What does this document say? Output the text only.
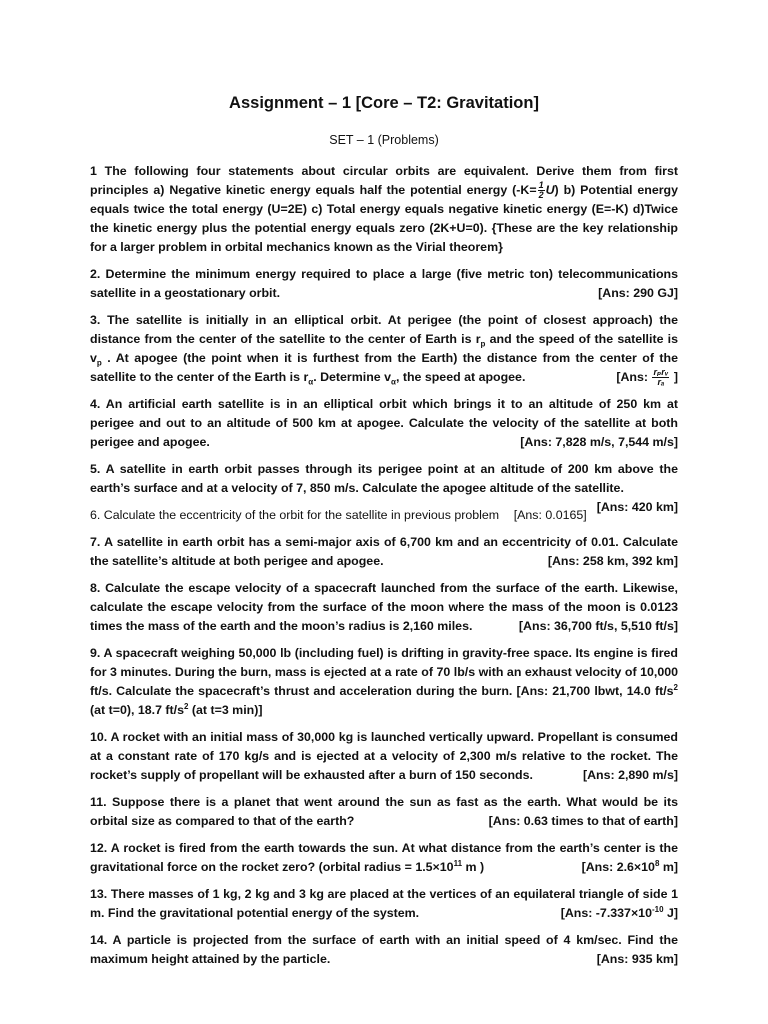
Assignment – 1 [Core – T2: Gravitation]
SET – 1 (Problems)

1 The following four statements about circular orbits are equivalent. Derive them from first principles a) Negative kinetic energy equals half the potential energy $(-K= \frac{1}{2} U)$ b) Potential energy equals twice the total energy (U=2E) c) Total energy equals negative kinetic energy (E=-K) d)Twice the kinetic energy plus the potential energy equals zero (2K+U=0). {These are the key relationship for a larger problem in orbital mechanics known as the Virial theorem}

2. Determine the minimum energy required to place a large (five metric ton) telecommunications satellite in a geostationary orbit.	[Ans: 290 GJ]

3. The satellite is initially in an elliptical orbit. At perigee (the point of closest approach) the distance from the center of the satellite to the center of Earth is $r_p$ and the speed of the satellite is $v_p$ . At apogee (the point when it is furthest from the Earth) the distance from the center of the satellite to the center of the Earth is $r_\alpha$. Determine $v_\alpha$, the speed at apogee.	[Ans: $\frac{\text{rₚrᵥ}}{\text{rₐ}}$ ]

4. An artificial earth satellite is in an elliptical orbit which brings it to an altitude of 250 km at perigee and out to an altitude of 500 km at apogee. Calculate the velocity of the satellite at both perigee and apogee.	[Ans: 7,828 m/s, 7,544 m/s]

5. A satellite in earth orbit passes through its perigee point at an altitude of 200 km above the earth’s surface and at a velocity of 7, 850 m/s. Calculate the apogee altitude of the satellite.
[Ans: 420 km]

6. Calculate the eccentricity of the orbit for the satellite in previous problem [Ans: 0.0165]

7. A satellite in earth orbit has a semi-major axis of 6,700 km and an eccentricity of 0.01. Calculate the satellite’s altitude at both perigee and apogee.	[Ans: 258 km, 392 km]

8. Calculate the escape velocity of a spacecraft launched from the surface of the earth. Likewise, calculate the escape velocity from the surface of the moon where the mass of the moon is 0.0123 times the mass of the earth and the moon’s radius is 2,160 miles.	[Ans: 36,700 ft/s, 5,510 ft/s]

9. A spacecraft weighing 50,000 lb (including fuel) is drifting in gravity-free space. Its engine is fired for 3 minutes. During the burn, mass is ejected at a rate of 70 lb/s with an exhaust velocity of 10,000 ft/s. Calculate the spacecraft’s thrust and acceleration during the burn. [Ans: 21,700 lbwt, 14.0 $ft/s^2$ (at t=0), 18.7 $ft/s^2$ (at t=3 min)]

10. A rocket with an initial mass of 30,000 kg is launched vertically upward. Propellant is consumed at a constant rate of 170 kg/s and is ejected at a velocity of 2,300 m/s relative to the rocket. The rocket’s supply of propellant will be exhausted after a burn of 150 seconds.	[Ans: 2,890 m/s]

11. Suppose there is a planet that went around the sun as fast as the earth. What would be its orbital size as compared to that of the earth?	[Ans: 0.63 times to that of earth]

12. A rocket is fired from the earth towards the sun. At what distance from the earth’s center is the gravitational force on the rocket zero? (orbital radius = $1.5\times 10^{11}$ m )	[Ans: $2.6\times 10^8$ m]

13. There masses of 1 kg, 2 kg and 3 kg are placed at the vertices of an equilateral triangle of side 1 m. Find the gravitational potential energy of the system.	[Ans: $-7.337\times 10^{-10}$ J]

14. A particle is projected from the surface of earth with an initial speed of 4 km/sec. Find the maximum height attained by the particle.	[Ans: 935 km]
